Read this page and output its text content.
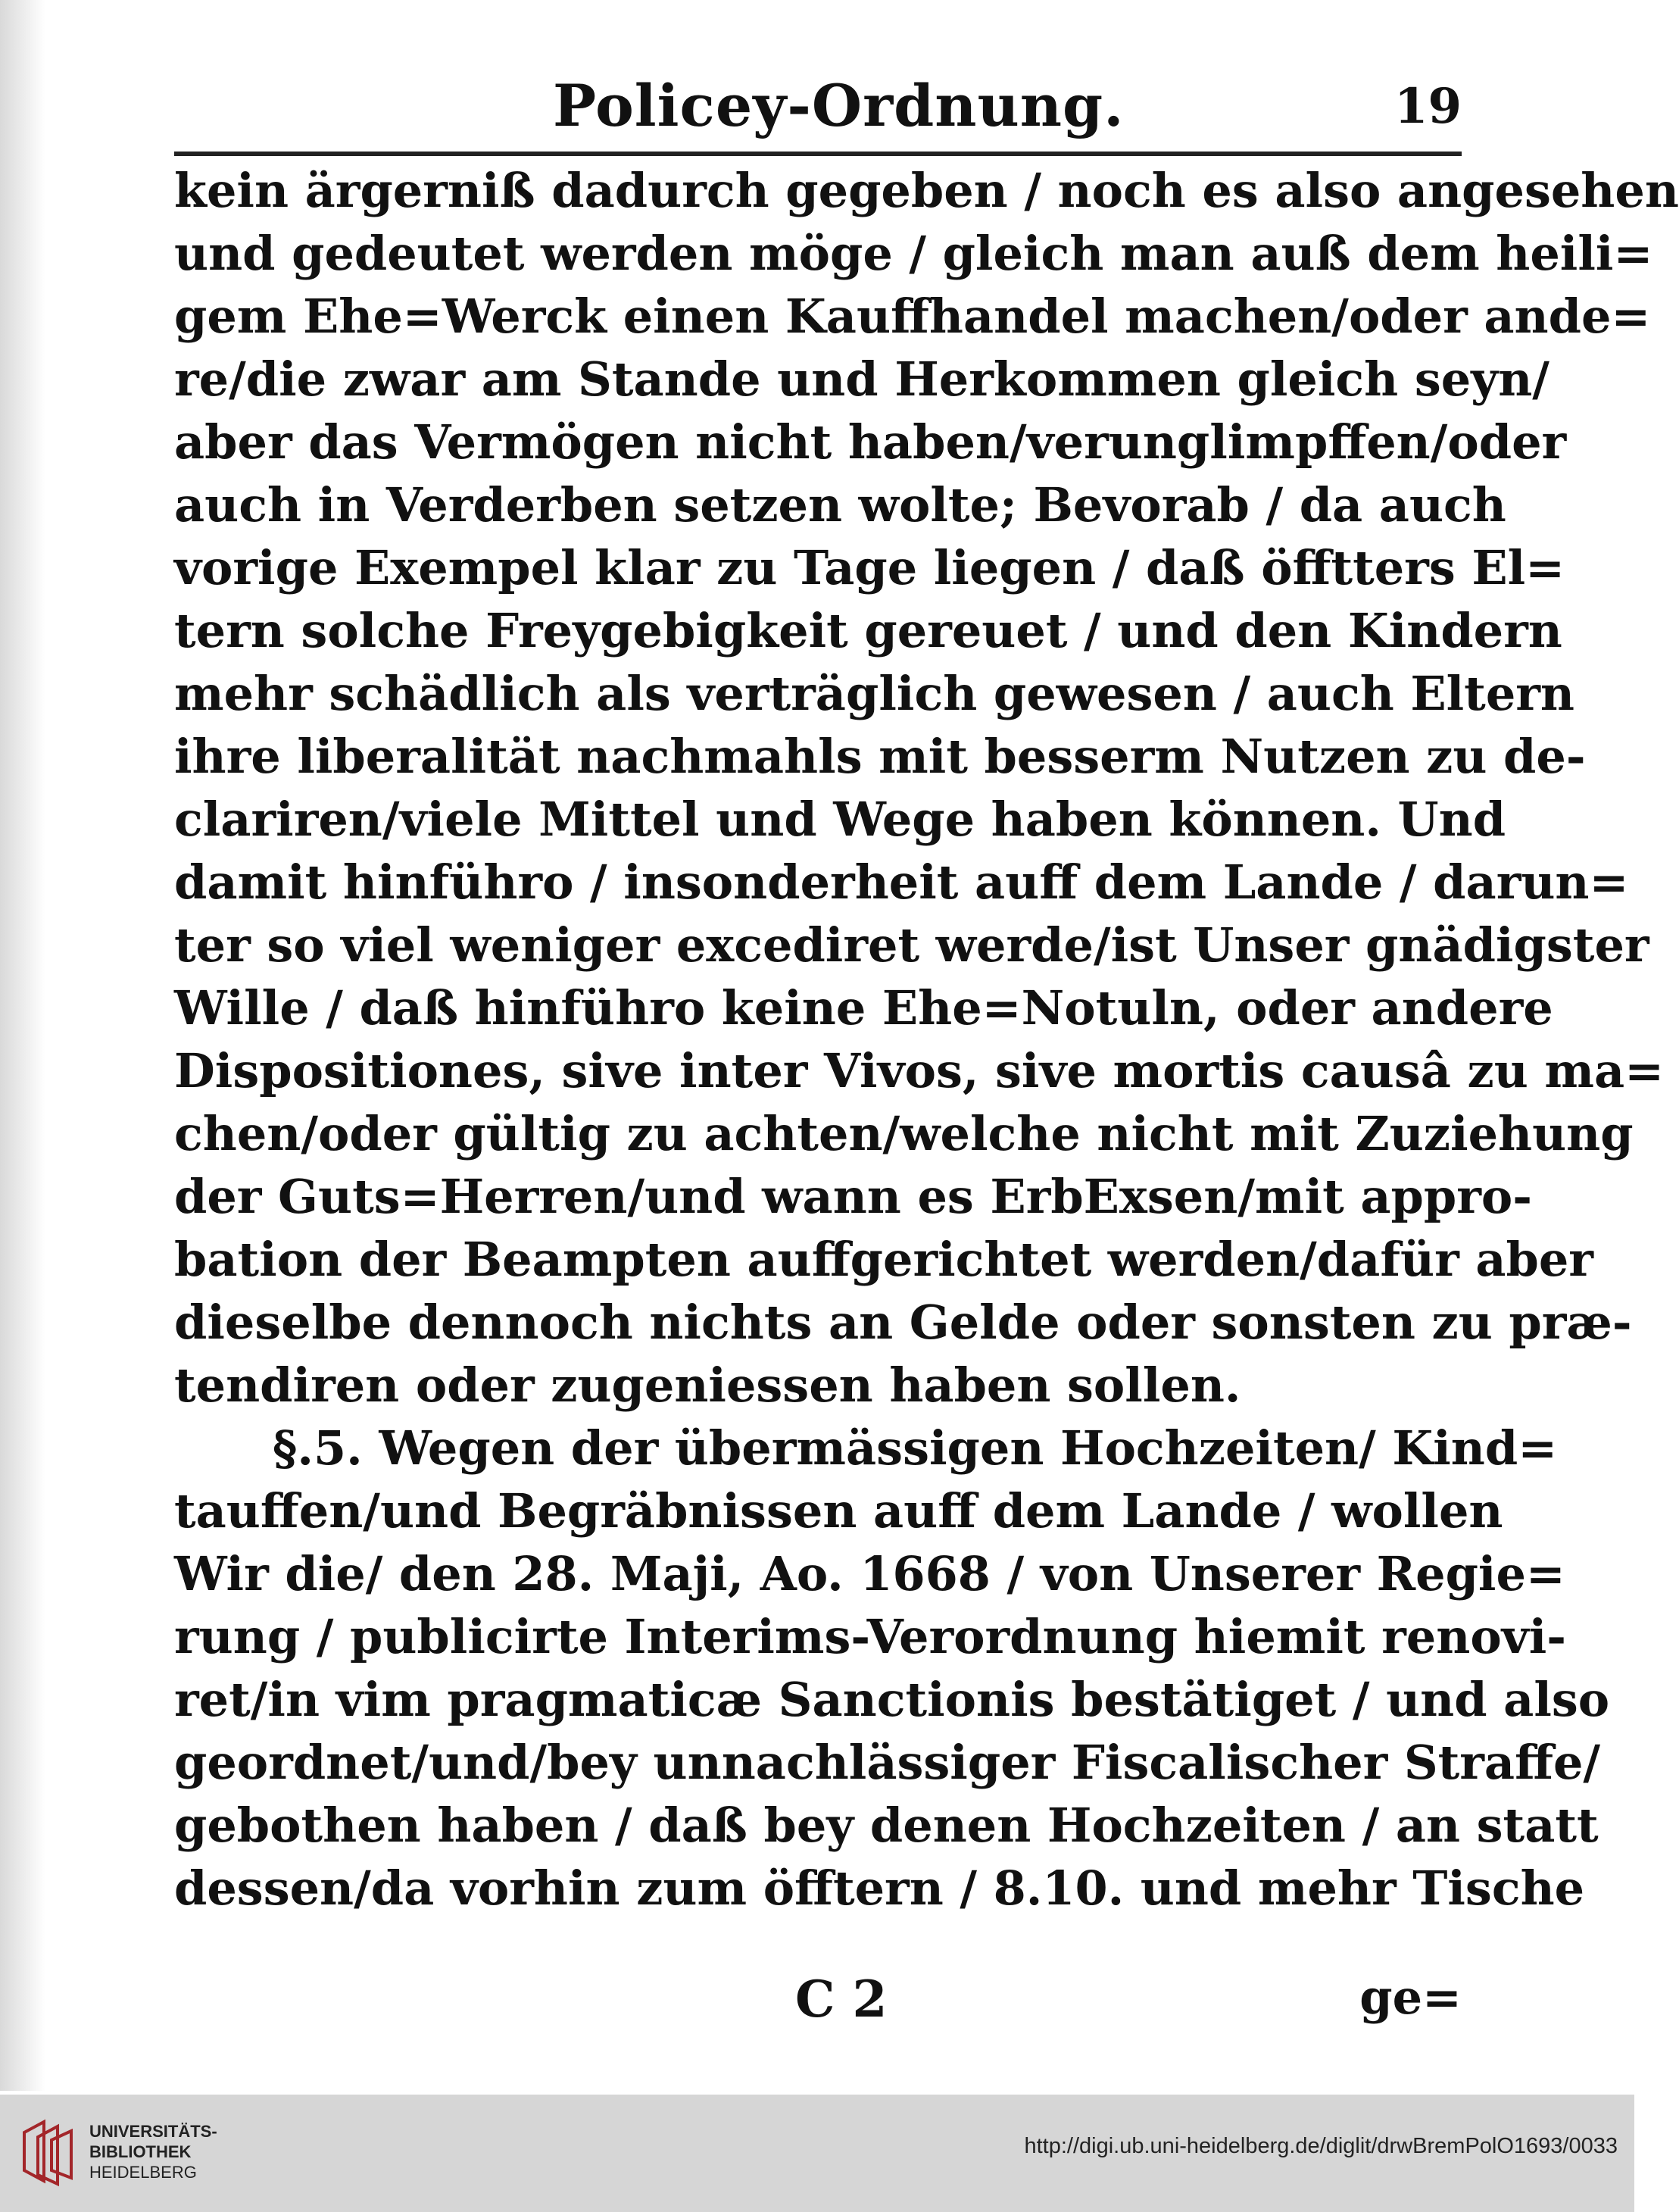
Policey-Ordnung.	19
kein ärgerniß dadurch gegeben / noch es also angesehen
und gedeutet werden möge / gleich man auß dem heili=
gem Ehe=Werck einen Kauffhandel machen/oder ande=
re/die zwar am Stande und Herkommen gleich seyn/
aber das Vermögen nicht haben/verunglimpffen/oder
auch in Verderben setzen wolte; Bevorab / da auch
vorige Exempel klar zu Tage liegen / daß öfftters El=
tern solche Freygebigkeit gereuet / und den Kindern
mehr schädlich als verträglich gewesen / auch Eltern
ihre liberalität nachmahls mit besserm Nutzen zu de-
clariren/viele Mittel und Wege haben können. Und
damit hinführo / insonderheit auff dem Lande / darun=
ter so viel weniger excediret werde/ist Unser gnädigster
Wille / daß hinführo keine Ehe=Notuln, oder andere
Dispositiones, sive inter Vivos, sive mortis causâ zu ma=
chen/oder gültig zu achten/welche nicht mit Zuziehung
der Guts=Herren/und wann es ErbExsen/mit appro-
bation der Beampten auffgerichtet werden/dafür aber
dieselbe dennoch nichts an Gelde oder sonsten zu præ-
tendiren oder zugeniessen haben sollen.
§.5. Wegen der übermässigen Hochzeiten/ Kind=
tauffen/und Begräbnissen auff dem Lande / wollen
Wir die/ den 28. Maji, Ao. 1668 / von Unserer Regie=
rung / publicirte Interims-Verordnung hiemit renovi-
ret/in vim pragmaticæ Sanctionis bestätiget / und also
geordnet/und/bey unnachlässiger Fiscalischer Straffe/
gebothen haben / daß bey denen Hochzeiten / an statt
dessen/da vorhin zum öfftern / 8.10. und mehr Tische
C 2	ge=
UNIVERSITÄTS-
BIBLIOTHEK
HEIDELBERG
http://digi.ub.uni-heidelberg.de/diglit/drwBremPolO1693/0033
